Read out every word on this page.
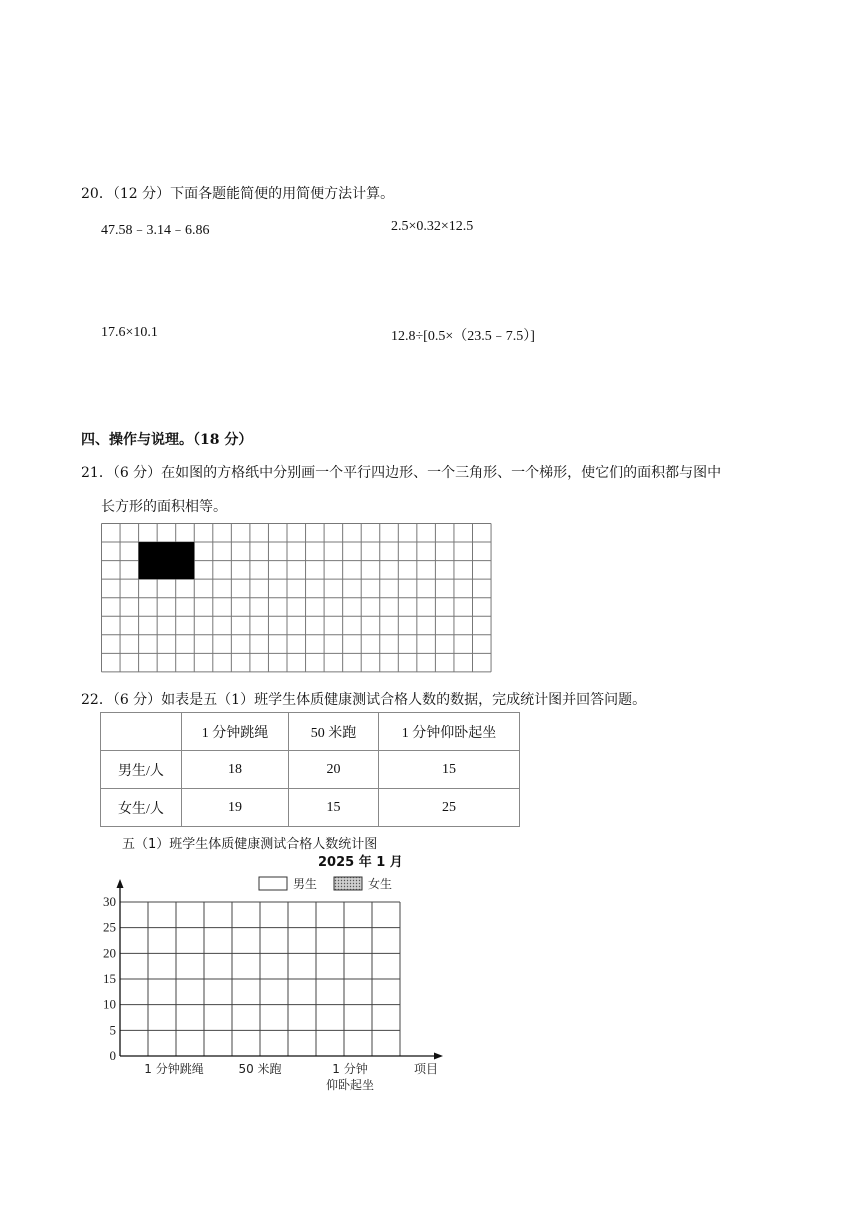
20．（12 分）下面各题能简便的用简便方法计算。
47.58﹣3.14﹣6.86	2.5×0.32×12.5
17.6×10.1	12.8÷[0.5×（23.5﹣7.5）]
四、操作与说理。（18 分）
21．（6 分）在如图的方格纸中分别画一个平行四边形、一个三角形、一个梯形，使它们的面积都与图中
长方形的面积相等。
22．（6 分）如表是五（1）班学生体质健康测试合格人数的数据，完成统计图并回答问题。
	1 分钟跳绳	50 米跑	1 分钟仰卧起坐
男生/人	18	20	15
女生/人	19	15	25
五（1）班学生体质健康测试合格人数统计图
2025 年 1 月
男生	女生
0
5
10
15
20
25
30
1 分钟跳绳	50 米跑	1 分钟
仰卧起坐
项目
